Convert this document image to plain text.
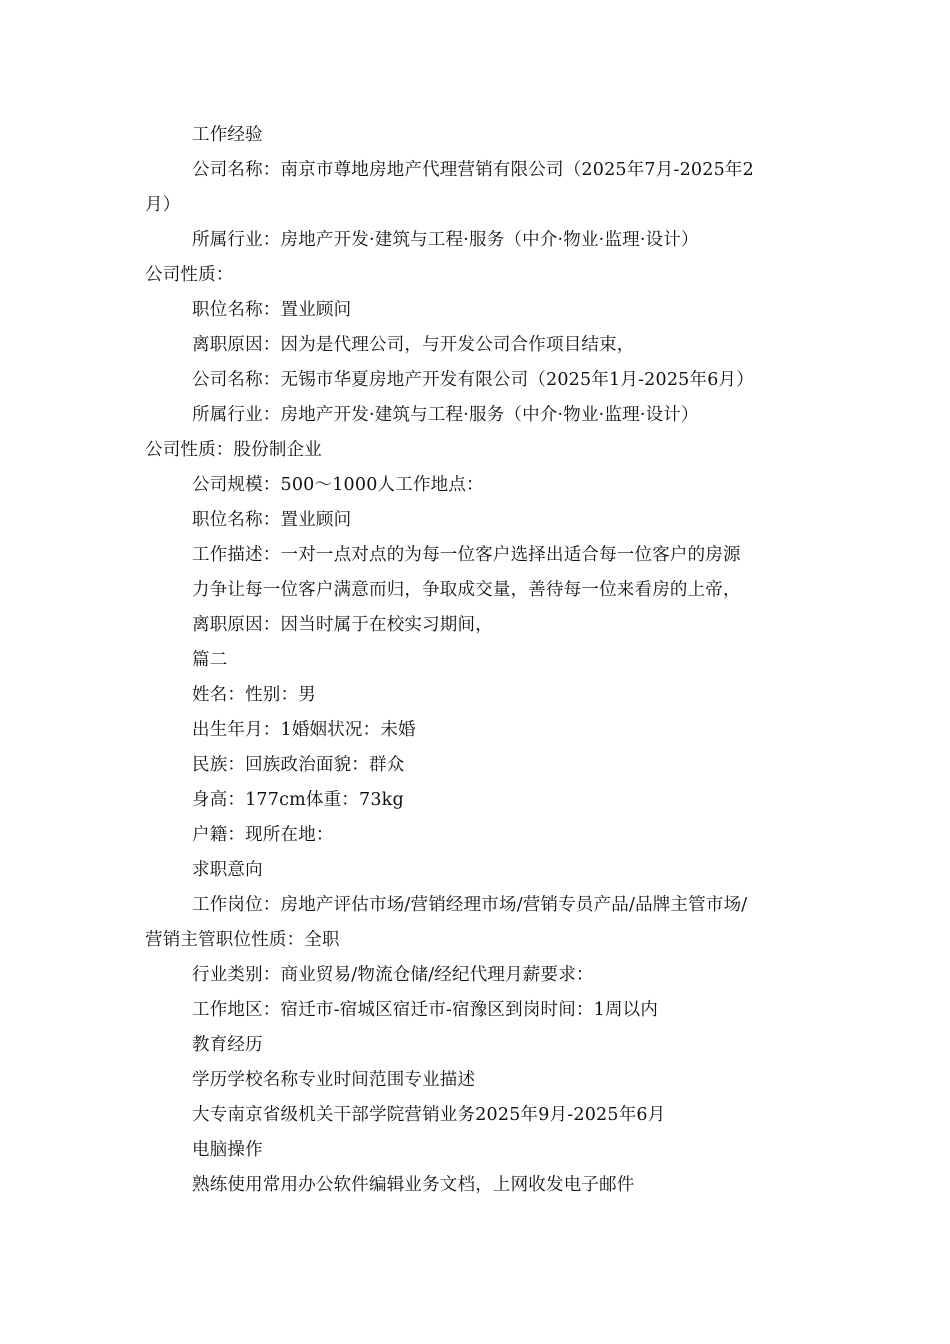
工作经验
公司名称：南京市尊地房地产代理营销有限公司（2025年7月-2025年2
月）
所属行业：房地产开发·建筑与工程·服务（中介·物业·监理·设计）
公司性质：
职位名称：置业顾问
离职原因：因为是代理公司，与开发公司合作项目结束，
公司名称：无锡市华夏房地产开发有限公司（2025年1月-2025年6月）
所属行业：房地产开发·建筑与工程·服务（中介·物业·监理·设计）
公司性质：股份制企业
公司规模：500～1000人工作地点：
职位名称：置业顾问
工作描述：一对一点对点的为每一位客户选择出适合每一位客户的房源
力争让每一位客户满意而归，争取成交量，善待每一位来看房的上帝，
离职原因：因当时属于在校实习期间，
篇二
姓名：性别：男
出生年月：1婚姻状况：未婚
民族：回族政治面貌：群众
身高：177cm体重：73kg
户籍：现所在地：
求职意向
工作岗位：房地产评估市场/营销经理市场/营销专员产品/品牌主管市场/
营销主管职位性质：全职
行业类别：商业贸易/物流仓储/经纪代理月薪要求：
工作地区：宿迁市-宿城区宿迁市-宿豫区到岗时间：1周以内
教育经历
学历学校名称专业时间范围专业描述
大专南京省级机关干部学院营销业务2025年9月-2025年6月
电脑操作
熟练使用常用办公软件编辑业务文档，上网收发电子邮件
